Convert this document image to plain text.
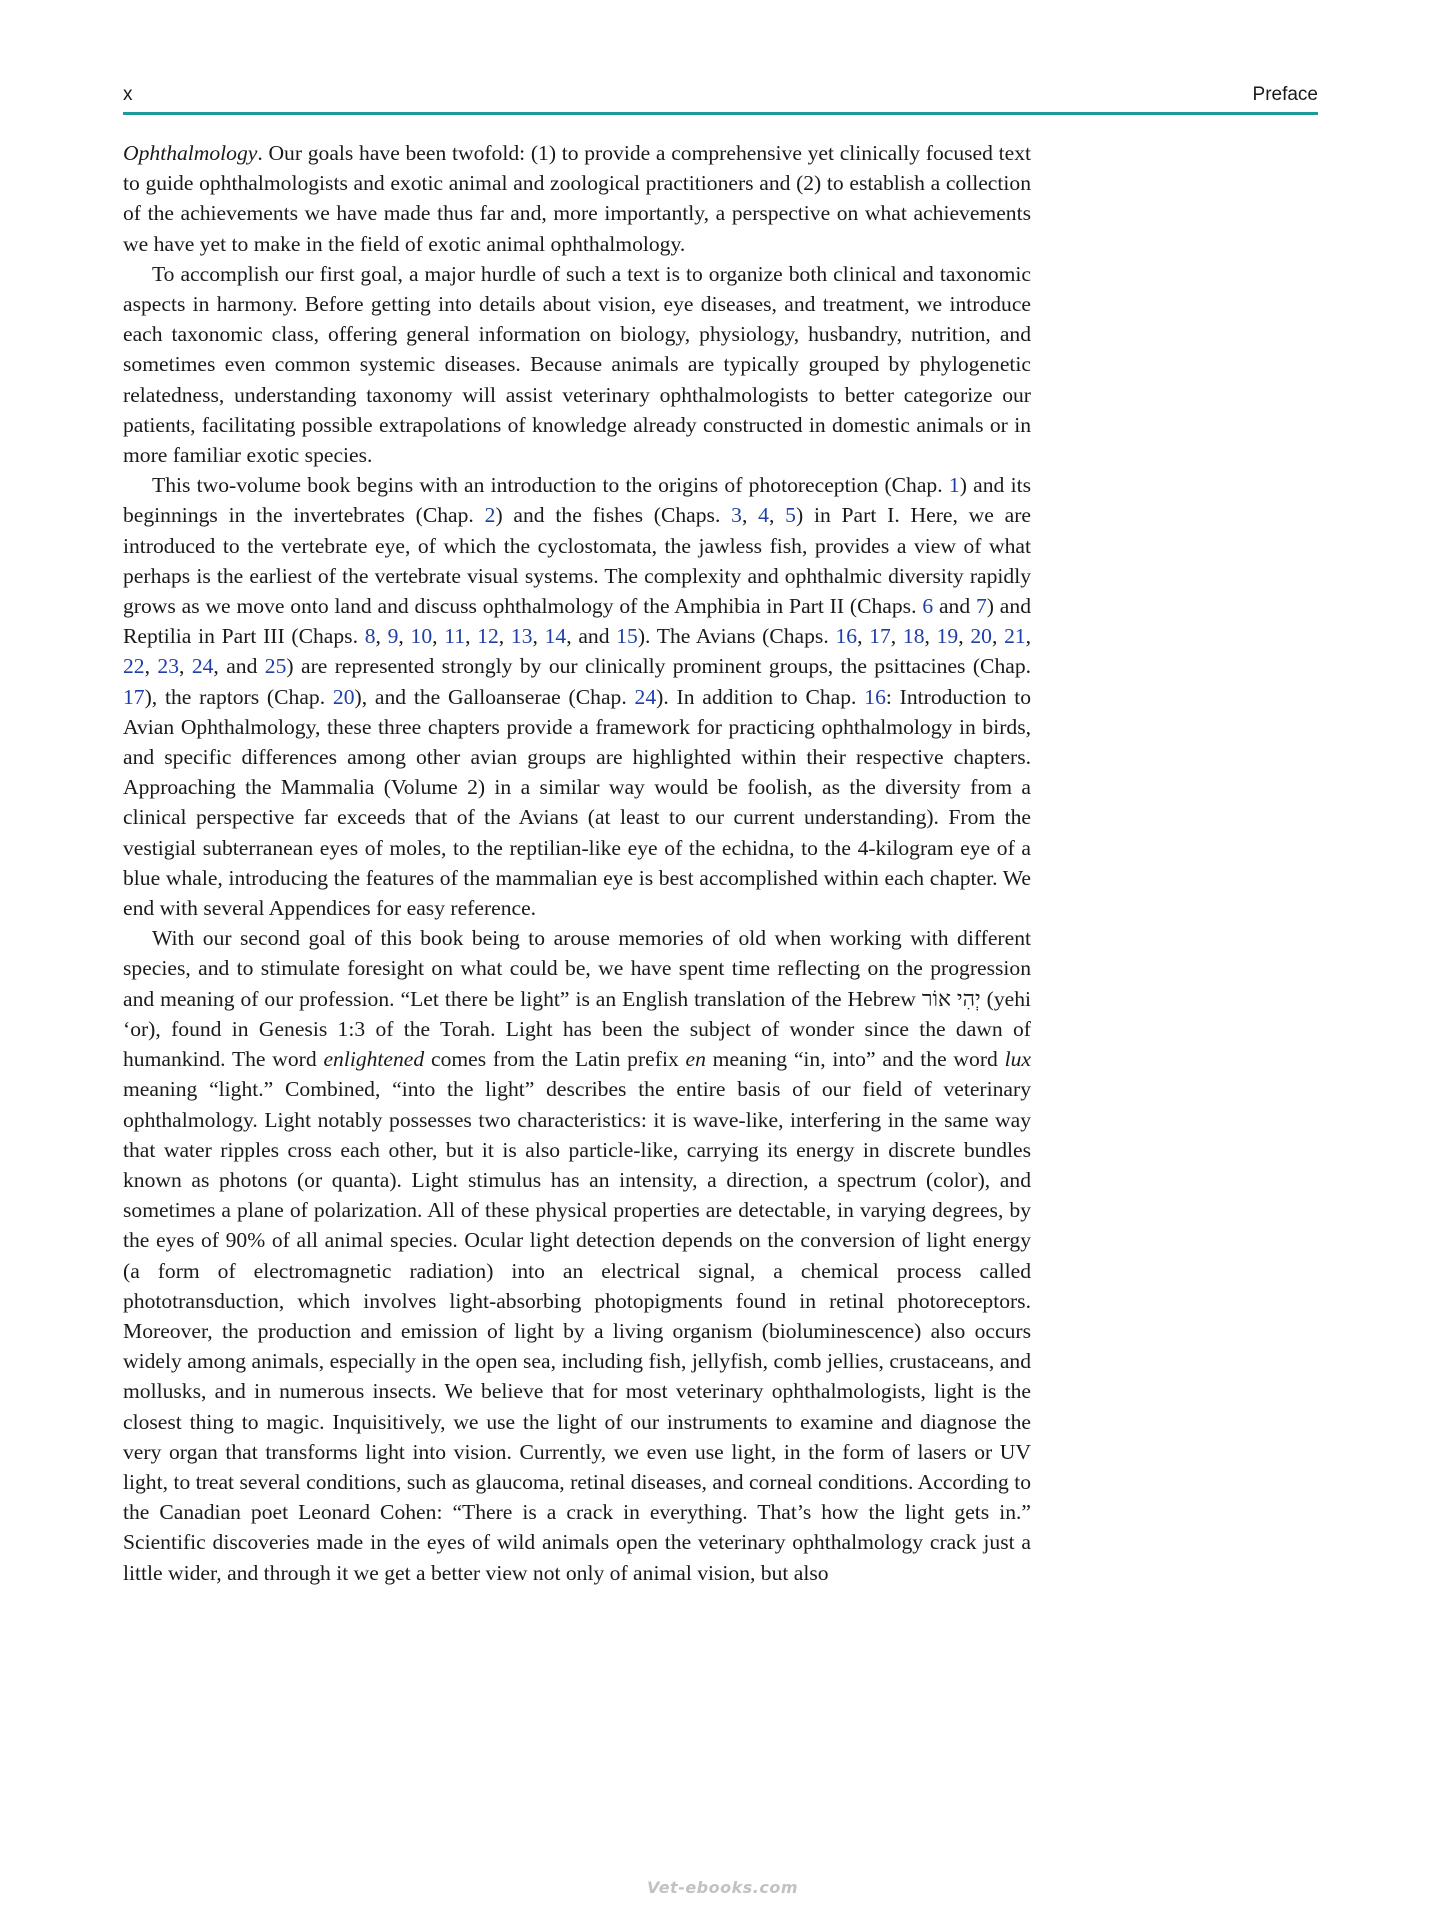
x	Preface

Ophthalmology. Our goals have been twofold: (1) to provide a comprehensive yet clinically focused text to guide ophthalmologists and exotic animal and zoological practitioners and (2) to establish a collection of the achievements we have made thus far and, more importantly, a perspective on what achievements we have yet to make in the field of exotic animal ophthalmology.

To accomplish our first goal, a major hurdle of such a text is to organize both clinical and taxonomic aspects in harmony. Before getting into details about vision, eye diseases, and treatment, we introduce each taxonomic class, offering general information on biology, physiology, husbandry, nutrition, and sometimes even common systemic diseases. Because animals are typically grouped by phylogenetic relatedness, understanding taxonomy will assist veterinary ophthalmologists to better categorize our patients, facilitating possible extrapolations of knowledge already constructed in domestic animals or in more familiar exotic species.

This two-volume book begins with an introduction to the origins of photoreception (Chap. 1) and its beginnings in the invertebrates (Chap. 2) and the fishes (Chaps. 3, 4, 5) in Part I. Here, we are introduced to the vertebrate eye, of which the cyclostomata, the jawless fish, provides a view of what perhaps is the earliest of the vertebrate visual systems. The complexity and ophthalmic diversity rapidly grows as we move onto land and discuss ophthalmology of the Amphibia in Part II (Chaps. 6 and 7) and Reptilia in Part III (Chaps. 8, 9, 10, 11, 12, 13, 14, and 15). The Avians (Chaps. 16, 17, 18, 19, 20, 21, 22, 23, 24, and 25) are represented strongly by our clinically prominent groups, the psittacines (Chap. 17), the raptors (Chap. 20), and the Galloanserae (Chap. 24). In addition to Chap. 16: Introduction to Avian Ophthalmology, these three chapters provide a framework for practicing ophthalmology in birds, and specific differences among other avian groups are highlighted within their respective chapters. Approaching the Mammalia (Volume 2) in a similar way would be foolish, as the diversity from a clinical perspective far exceeds that of the Avians (at least to our current understanding). From the vestigial subterranean eyes of moles, to the reptilian-like eye of the echidna, to the 4-kilogram eye of a blue whale, introducing the features of the mammalian eye is best accomplished within each chapter. We end with several Appendices for easy reference.

With our second goal of this book being to arouse memories of old when working with different species, and to stimulate foresight on what could be, we have spent time reflecting on the progression and meaning of our profession. “Let there be light” is an English translation of the Hebrew יְהִי אוֹר (yehi ‘or), found in Genesis 1:3 of the Torah. Light has been the subject of wonder since the dawn of humankind. The word enlightened comes from the Latin prefix en meaning “in, into” and the word lux meaning “light.” Combined, “into the light” describes the entire basis of our field of veterinary ophthalmology. Light notably possesses two characteristics: it is wave-like, interfering in the same way that water ripples cross each other, but it is also particle-like, carrying its energy in discrete bundles known as photons (or quanta). Light stimulus has an intensity, a direction, a spectrum (color), and sometimes a plane of polarization. All of these physical properties are detectable, in varying degrees, by the eyes of 90% of all animal species. Ocular light detection depends on the conversion of light energy (a form of electromagnetic radiation) into an electrical signal, a chemical process called phototransduction, which involves light-absorbing photopigments found in retinal photoreceptors. Moreover, the production and emission of light by a living organism (bioluminescence) also occurs widely among animals, especially in the open sea, including fish, jellyfish, comb jellies, crustaceans, and mollusks, and in numerous insects. We believe that for most veterinary ophthalmologists, light is the closest thing to magic. Inquisitively, we use the light of our instruments to examine and diagnose the very organ that transforms light into vision. Currently, we even use light, in the form of lasers or UV light, to treat several conditions, such as glaucoma, retinal diseases, and corneal conditions. According to the Canadian poet Leonard Cohen: “There is a crack in everything. That’s how the light gets in.” Scientific discoveries made in the eyes of wild animals open the veterinary ophthalmology crack just a little wider, and through it we get a better view not only of animal vision, but also

Vet-ebooks.com
